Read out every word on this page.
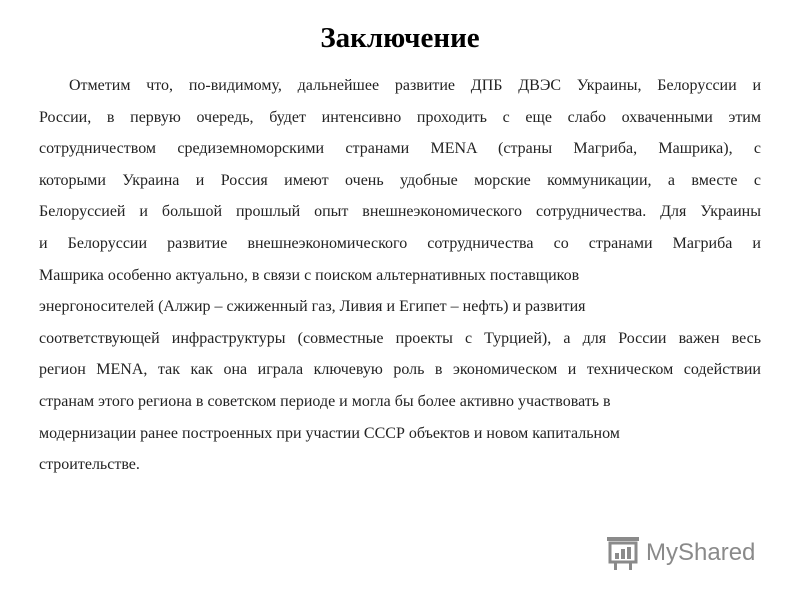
Заключение
Отметим что, по-видимому, дальнейшее развитие ДПБ ДВЭС Украины, Белоруссии и
России, в первую очередь, будет интенсивно проходить с еще слабо охваченными этим
сотрудничеством средиземноморскими странами MENA (страны Магриба, Машрика), с
которыми Украина и Россия имеют очень удобные морские коммуникации, а вместе с
Белоруссией и большой прошлый опыт внешнеэкономического сотрудничества. Для Украины
и Белоруссии развитие внешнеэкономического сотрудничества со странами Магриба и
Машрика особенно актуально, в связи с поиском альтернативных поставщиков
энергоносителей (Алжир – сжиженный газ, Ливия и Египет – нефть) и развития
соответствующей инфраструктуры (совместные проекты с Турцией), а для России важен весь
регион MENA, так как она играла ключевую роль в экономическом и техническом содействии
странам этого региона в советском периоде и могла бы более активно участвовать в
модернизации ранее построенных при участии СССР объектов и новом капитальном
строительстве.
MyShared
